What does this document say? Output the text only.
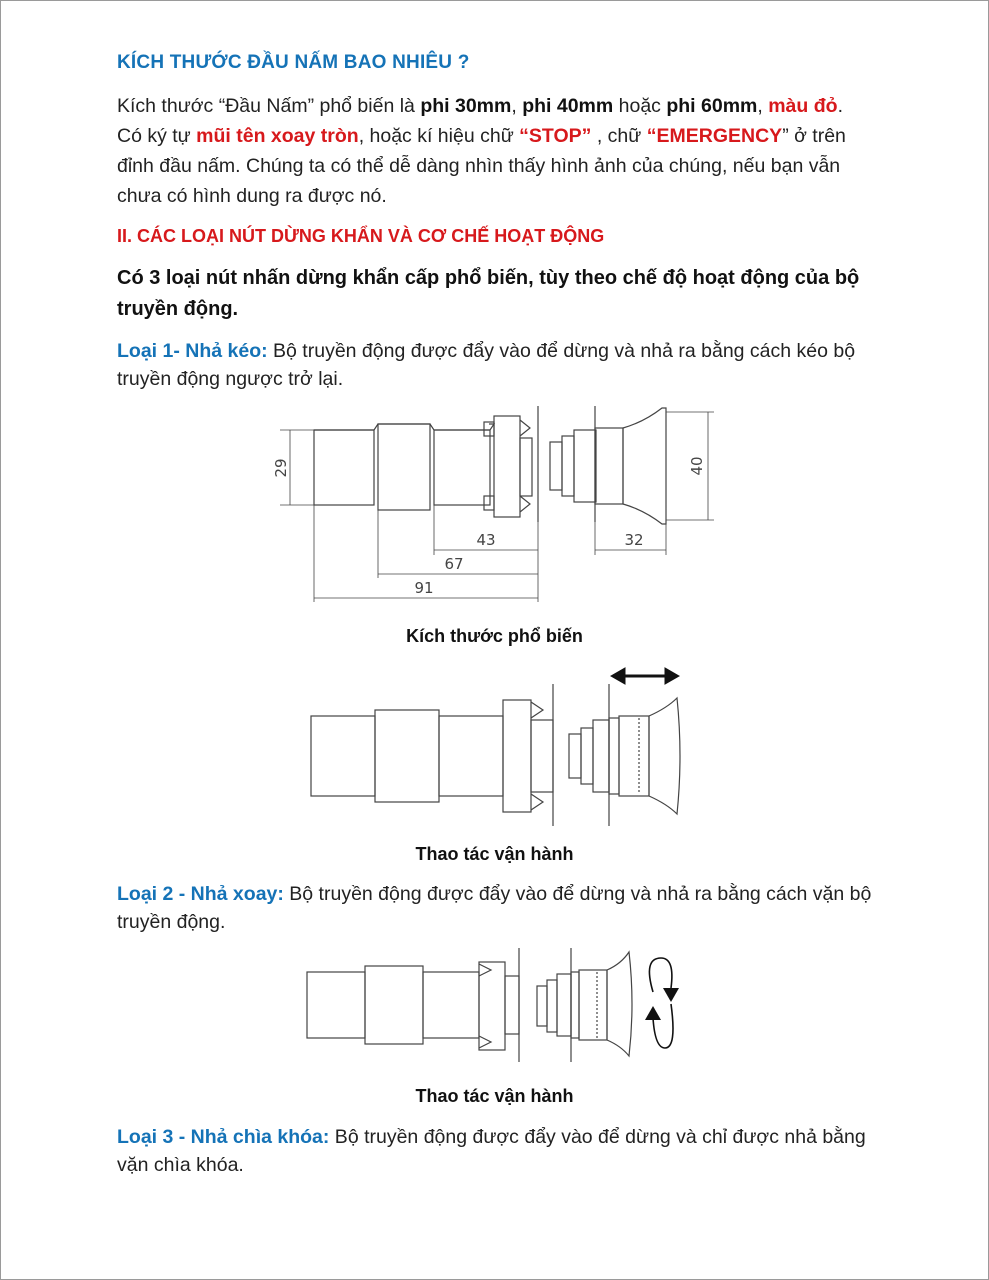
KÍCH THƯỚC ĐẦU NẤM BAO NHIÊU ?
Kích thước “Đầu Nấm” phổ biến là phi 30mm, phi 40mm hoặc phi 60mm, màu đỏ. Có ký tự mũi tên xoay tròn, hoặc kí hiệu chữ “STOP” , chữ “EMERGENCY” ở trên đỉnh đầu nấm. Chúng ta có thể dễ dàng nhìn thấy hình ảnh của chúng, nếu bạn vẫn chưa có hình dung ra được nó.
II. CÁC LOẠI NÚT DỪNG KHẨN VÀ CƠ CHẾ HOẠT ĐỘNG
Có 3 loại nút nhấn dừng khẩn cấp phổ biến, tùy theo chế độ hoạt động của bộ truyền động.
Loại 1- Nhả kéo: Bộ truyền động được đẩy vào để dừng và nhả ra bằng cách kéo bộ truyền động ngược trở lại.
29	40
43
67
91
32
Kích thước phổ biến
Thao tác vận hành
Loại 2 - Nhả xoay: Bộ truyền động được đẩy vào để dừng và nhả ra bằng cách vặn bộ truyền động.
Thao tác vận hành
Loại 3 - Nhả chìa khóa: Bộ truyền động được đẩy vào để dừng và chỉ được nhả bằng vặn chìa khóa.
